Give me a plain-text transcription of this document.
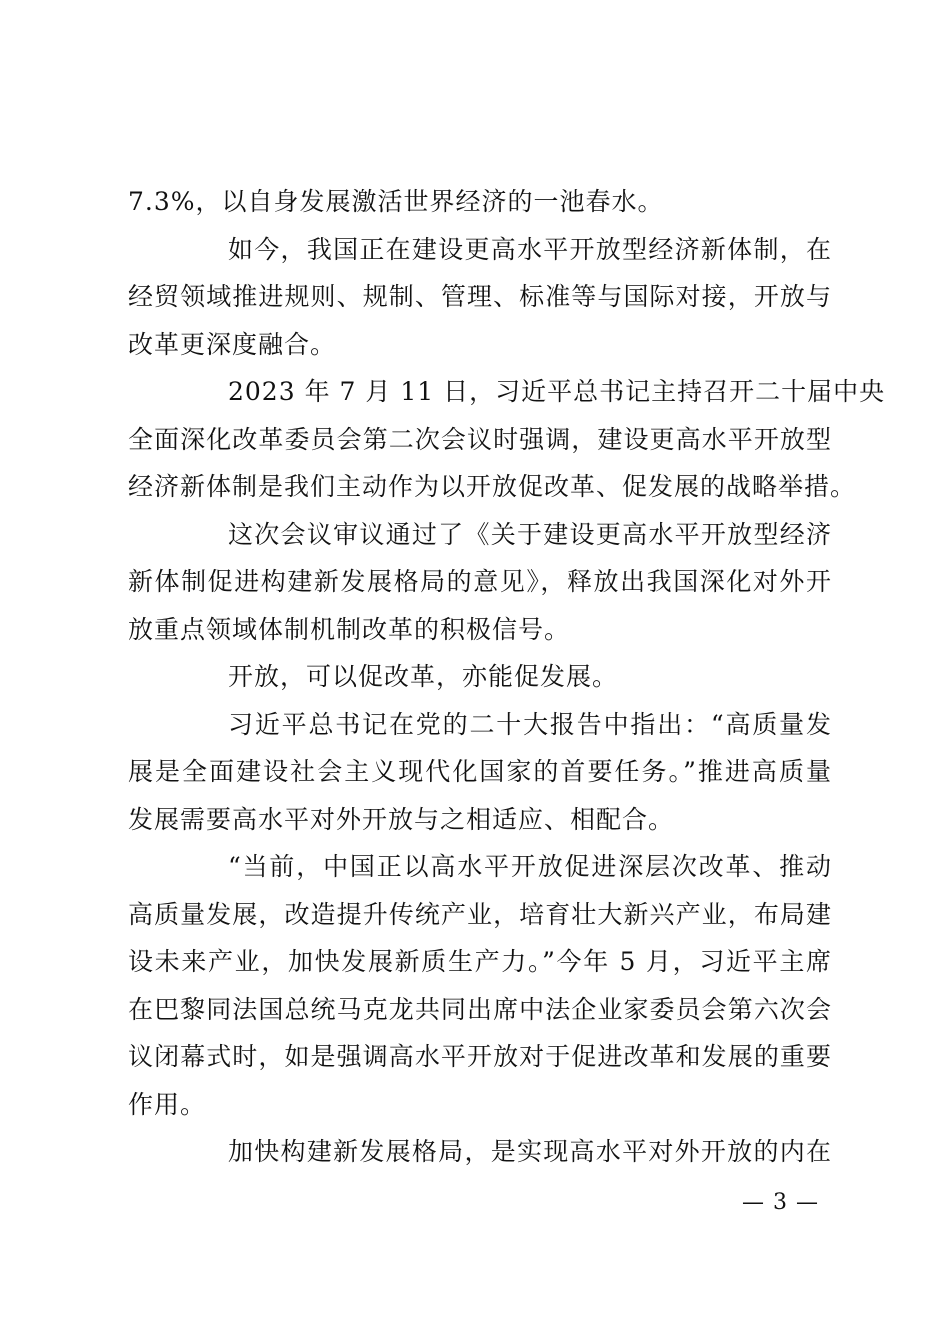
7.3%，以自身发展激活世界经济的一池春水。
如今，我国正在建设更高水平开放型经济新体制，在
经贸领域推进规则、规制、管理、标准等与国际对接，开放与
改革更深度融合。
2023 年 7 月 11 日，习近平总书记主持召开二十届中央
全面深化改革委员会第二次会议时强调，建设更高水平开放型
经济新体制是我们主动作为以开放促改革、促发展的战略举措。
这次会议审议通过了《关于建设更高水平开放型经济
新体制促进构建新发展格局的意见》，释放出我国深化对外开
放重点领域体制机制改革的积极信号。
开放，可以促改革，亦能促发展。
习近平总书记在党的二十大报告中指出：“高质量发
展是全面建设社会主义现代化国家的首要任务。”推进高质量
发展需要高水平对外开放与之相适应、相配合。
“当前，中国正以高水平开放促进深层次改革、推动
高质量发展，改造提升传统产业，培育壮大新兴产业，布局建
设未来产业，加快发展新质生产力。”今年 5 月，习近平主席
在巴黎同法国总统马克龙共同出席中法企业家委员会第六次会
议闭幕式时，如是强调高水平开放对于促进改革和发展的重要
作用。
加快构建新发展格局，是实现高水平对外开放的内在
— 3 —
